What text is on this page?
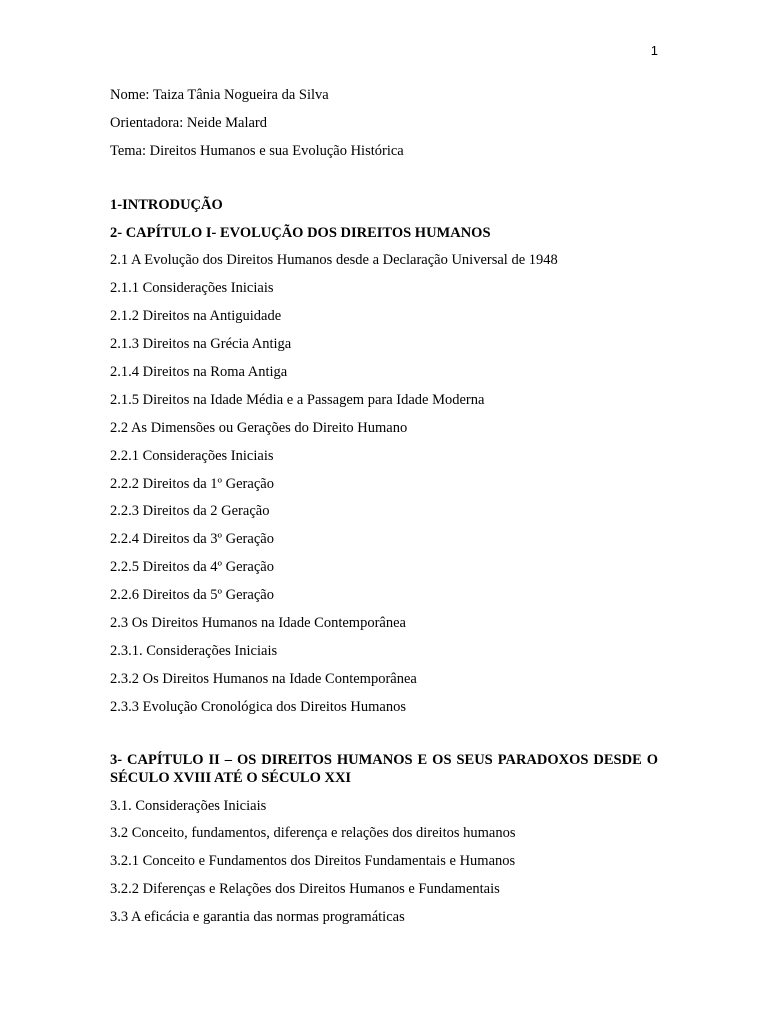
1
Nome: Taiza Tânia Nogueira da Silva
Orientadora: Neide Malard
Tema: Direitos Humanos e sua Evolução Histórica
1-INTRODUÇÃO
2- CAPÍTULO I- EVOLUÇÃO DOS DIREITOS HUMANOS
2.1 A Evolução dos Direitos Humanos desde a Declaração Universal de 1948
2.1.1 Considerações Iniciais
2.1.2 Direitos na Antiguidade
2.1.3 Direitos na Grécia Antiga
2.1.4 Direitos na Roma Antiga
2.1.5 Direitos na Idade Média e a Passagem para Idade Moderna
2.2 As Dimensões ou Gerações do Direito Humano
2.2.1 Considerações Iniciais
2.2.2 Direitos da 1º Geração
2.2.3 Direitos da 2 Geração
2.2.4 Direitos da 3º Geração
2.2.5 Direitos da 4º Geração
2.2.6 Direitos da 5º Geração
2.3 Os Direitos Humanos na Idade Contemporânea
2.3.1. Considerações Iniciais
2.3.2 Os Direitos Humanos na Idade Contemporânea
2.3.3 Evolução Cronológica dos Direitos Humanos
3- CAPÍTULO II – OS DIREITOS HUMANOS E OS SEUS PARADOXOS DESDE O SÉCULO XVIII ATÉ O SÉCULO XXI
3.1. Considerações Iniciais
3.2 Conceito, fundamentos, diferença e relações dos direitos humanos
3.2.1 Conceito e Fundamentos dos Direitos Fundamentais e Humanos
3.2.2 Diferenças e Relações dos Direitos Humanos e Fundamentais
3.3 A eficácia e garantia das normas programáticas
